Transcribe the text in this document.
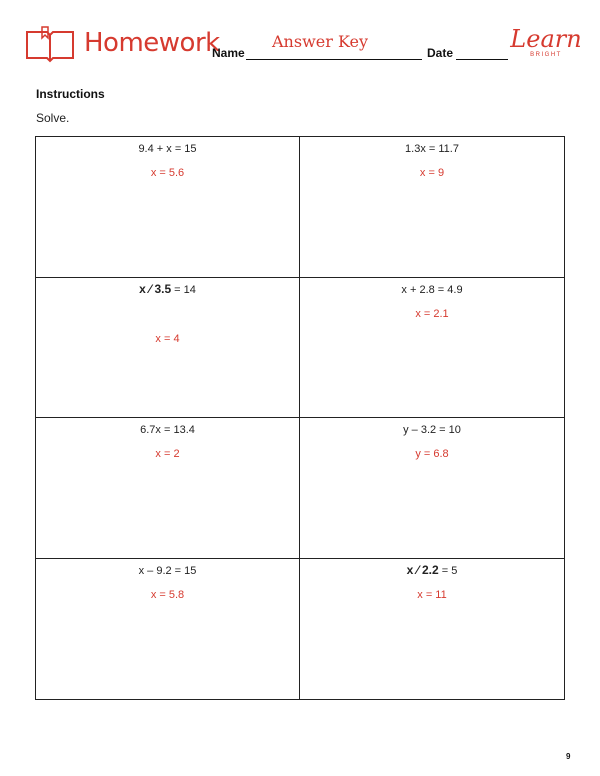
Homework
Name
Answer Key
Date Learn
BRIGHT
Instructions
Solve.
9.4 + x = 15
x = 5.6
1.3x = 11.7
x = 9
x ⁄ 3.5 = 14
x = 4
x + 2.8 = 4.9
x = 2.1
6.7x = 13.4
x = 2
y – 3.2 = 10
y = 6.8
x – 9.2 = 15
x = 5.8
x ⁄ 2.2 = 5
x = 11
9
